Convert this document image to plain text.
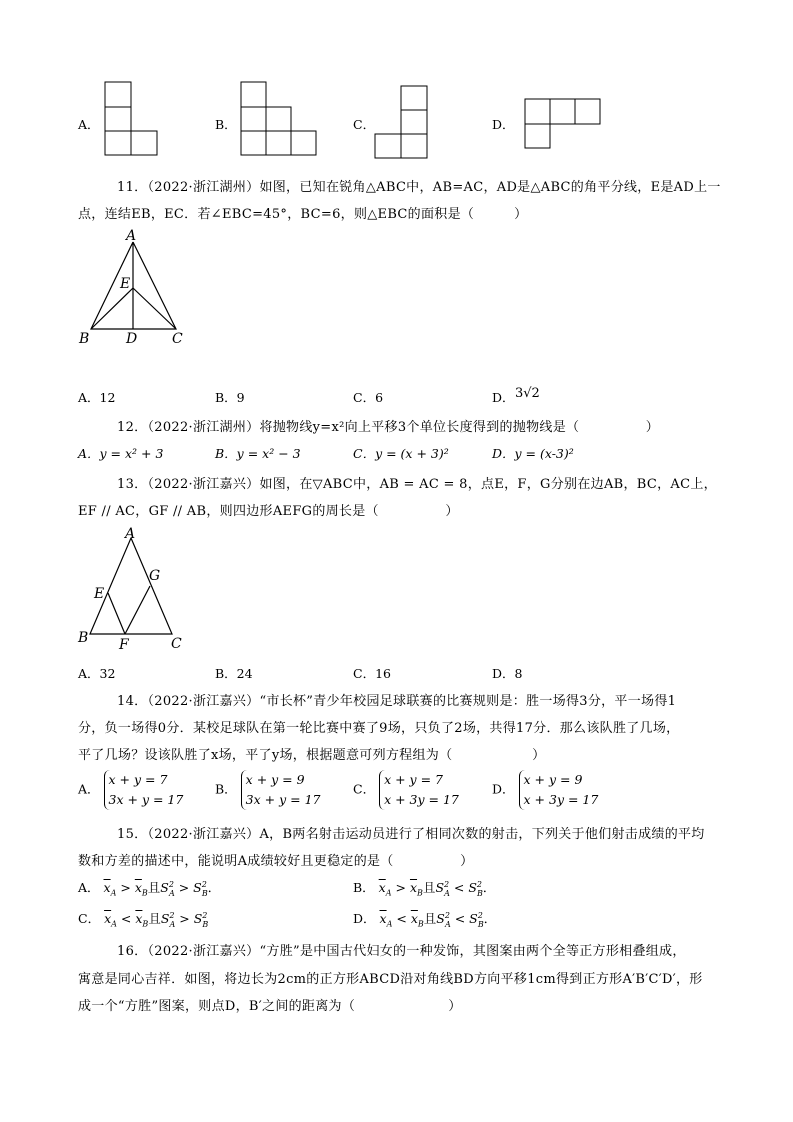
A．	B．	C．	D．
11．（2022·浙江湖州）如图，已知在锐角△ABC中，AB=AC，AD是△ABC的角平分线，E是AD上一
点，连结EB，EC．若∠EBC=45°，BC=6，则△EBC的面积是（　　　）
A
E
B	D C
A．12	B．9	C．6	D． 3√2
12．（2022·浙江湖州）将抛物线y=x²向上平移3个单位长度得到的抛物线是（　　　　　）
A．y = x² + 3	B．y = x² − 3	C．y = (x + 3)²	D．y = (x-3)²
13．（2022·浙江嘉兴）如图，在▽ABC中，AB = AC = 8，点E，F，G分别在边AB，BC，AC上，
EF // AC，GF // AB，则四边形AEFG的周长是（　　　　　）
A
G
E
B F	C
A．32	B．24	C．16	D．8
14．（2022·浙江嘉兴）“市长杯”青少年校园足球联赛的比赛规则是：胜一场得3分，平一场得1
分，负一场得0分．某校足球队在第一轮比赛中赛了9场，只负了2场，共得17分．那么该队胜了几场，
平了几场？设该队胜了x场，平了y场，根据题意可列方程组为（　　　　　　）
A． x + y = 7
3x + y = 17
B． x + y = 9
3x + y = 17
C． x + y = 7
x + 3y = 17
D． x + y = 9
x + 3y = 17
15．（2022·浙江嘉兴）A，B两名射击运动员进行了相同次数的射击，下列关于他们射击成绩的平均
数和方差的描述中，能说明A成绩较好且更稳定的是（　　　　　）
A． $\overline{x}_A > \overline{x}_B$且$S^2_A > S^2_B$．	B． $\overline{x}_A > \overline{x}_B$且$S^2_A < S^2_B$．
C． $\overline{x}_A < \overline{x}_B$且$S^2_A > S^2_B$	D． $\overline{x}_A < \overline{x}_B$且$S^2_A < S^2_B$．
16．（2022·浙江嘉兴）“方胜”是中国古代妇女的一种发饰，其图案由两个全等正方形相叠组成，
寓意是同心吉祥．如图，将边长为2cm的正方形ABCD沿对角线BD方向平移1cm得到正方形A′B′C′D′，形
成一个“方胜”图案，则点D，B′之间的距离为（　　　　　　　）
